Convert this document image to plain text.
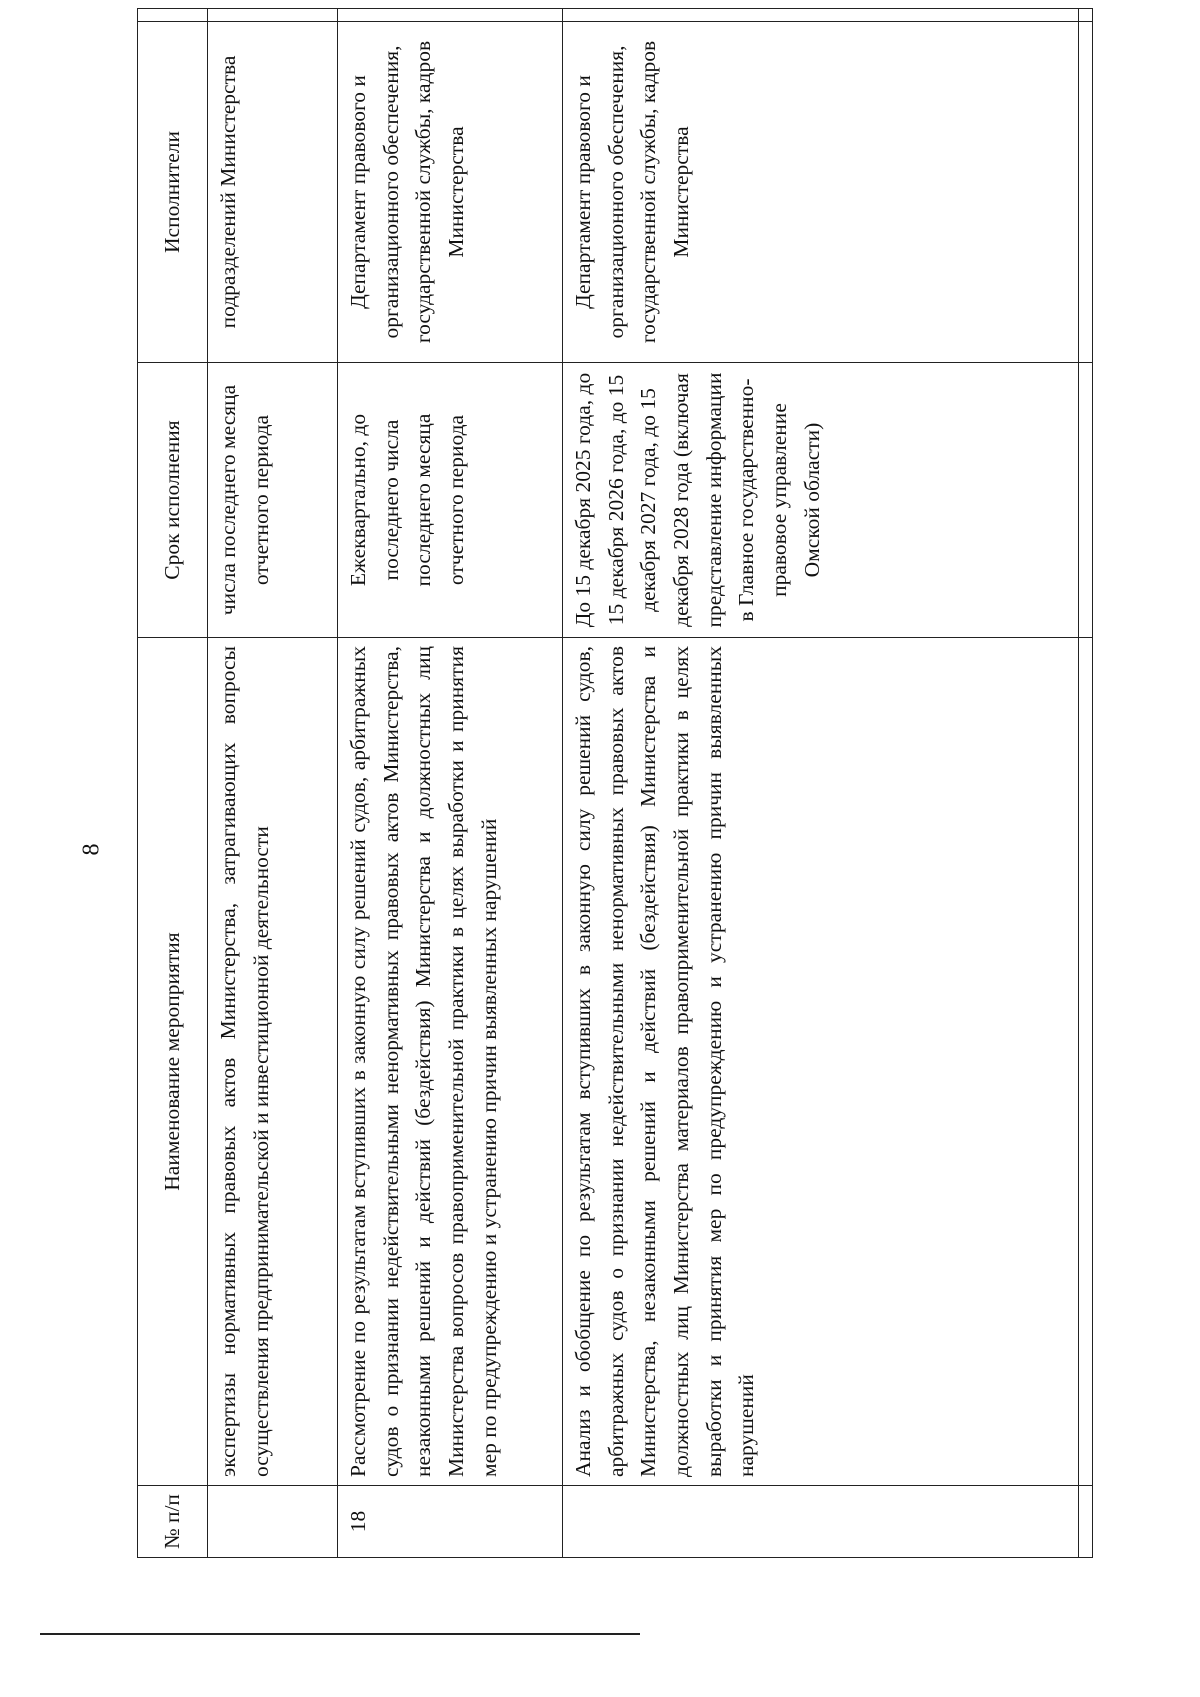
8
№ п/п	Наименование мероприятия	Срок исполнения	Исполнители	
	экспертизы нормативных правовых актов Министерства, затрагивающих вопросы осуществления предпринимательской и инвестиционной деятельности	числа последнего месяца отчетного периода	подразделений Министерства	
18	Рассмотрение по результатам вступивших в законную силу решений судов, арбитражных судов о признании недействительными ненормативных правовых актов Министерства, незаконными решений и действий (бездействия) Министерства и должностных лиц Министерства вопросов правоприменительной практики в целях выработки и принятия мер по предупреждению и устранению причин выявленных нарушений	Ежеквартально, до последнего числа последнего месяца отчетного периода	Департамент правового и организационного обеспечения, государственной службы, кадров Министерства	
	Анализ и обобщение по результатам вступивших в законную силу решений судов, арбитражных судов о признании недействительными ненормативных правовых актов Министерства, незаконными решений и действий (бездействия) Министерства и должностных лиц Министерства материалов правоприменительной практики в целях выработки и принятия мер по предупреждению и устранению причин выявленных нарушений	До 15 декабря 2025 года, до 15 декабря 2026 года, до 15 декабря 2027 года, до 15 декабря 2028 года (включая представление информации в Главное государственно-правовое управление Омской области)	Департамент правового и организационного обеспечения, государственной службы, кадров Министерства	
